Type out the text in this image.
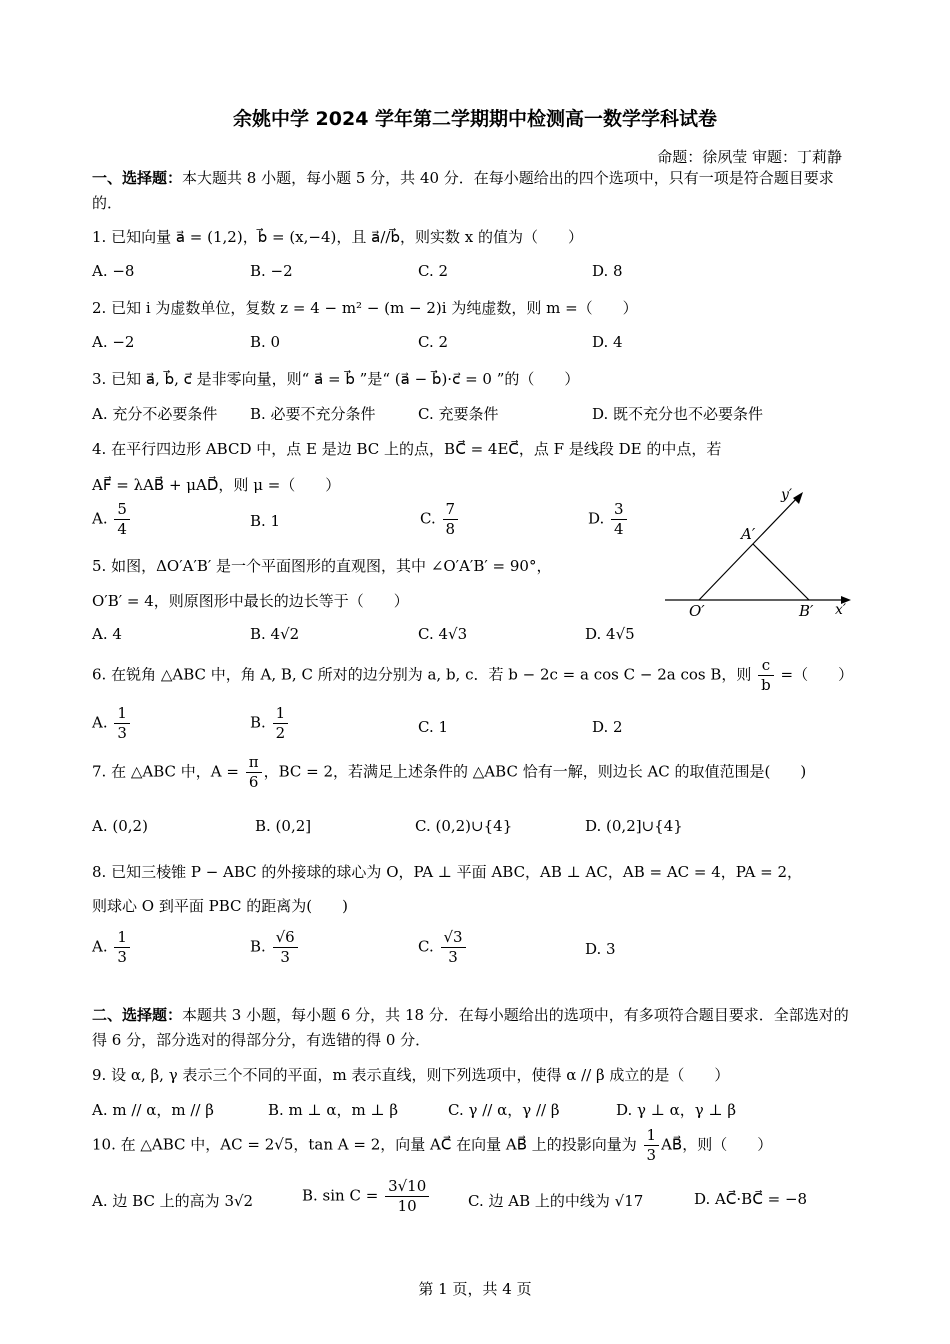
余姚中学 2024 学年第二学期期中检测高一数学学科试卷
命题：徐夙莹 审题：丁莉静
一、选择题：本大题共 8 小题，每小题 5 分，共 40 分．在每小题给出的四个选项中，只有一项是符合题目要求的．
1. 已知向量 a⃗ = (1,2)，b⃗ = (x,−4)，且 a⃗//b⃗，则实数 x 的值为（　　）
A. −8	B. −2	C. 2	D. 8
2. 已知 i 为虚数单位，复数 z = 4 − m² − (m − 2)i 为纯虚数，则 m =（　　）
A. −2	B. 0	C. 2	D. 4
3. 已知 a⃗, b⃗, c⃗ 是非零向量，则“ a⃗ = b⃗ ”是“ (a⃗ − b⃗)·c⃗ = 0 ”的（　　）
A. 充分不必要条件 B. 必要不充分条件	C. 充要条件	D. 既不充分也不必要条件
4. 在平行四边形 ABCD 中，点 E 是边 BC 上的点，BC⃗ = 4EC⃗，点 F 是线段 DE 的中点，若
AF⃗ = λAB⃗ + μAD⃗，则 μ =（　　）
A. $\frac{5}{4}$	B. 1	C. $\frac{7}{8}$	D. $\frac{3}{4}$
y′
x′
O′
A′
B′
5. 如图，ΔO′A′B′ 是一个平面图形的直观图，其中 ∠O′A′B′ = 90°，
O′B′ = 4，则原图形中最长的边长等于（　　）
A. 4	B. 4√2	C. 4√3	D. 4√5
6. 在锐角 △ABC 中，角 A, B, C 所对的边分别为 a, b, c．若 b − 2c = a cos C − 2a cos B，则 $\frac{c}{b}$ =（　　）
A. $\frac{1}{3}$	B. $\frac{1}{2}$	C. 1	D. 2
7. 在 △ABC 中，$A = \frac{\pi}{6}$ ，BC = 2，若满足上述条件的 △ABC 恰有一解，则边长 AC 的取值范围是(　　)
A. (0,2)	B. (0,2]	C. (0,2)∪{4}	D. (0,2]∪{4}
8. 已知三棱锥 P − ABC 的外接球的球心为 O，PA ⊥ 平面 ABC，AB ⊥ AC，AB = AC = 4，PA = 2，
则球心 O 到平面 PBC 的距离为(　　)
A. $\frac{1}{3}$	B. $\frac{√6}{3}$	C. $\frac{√3}{3}$	D. 3
二、选择题：本题共 3 小题，每小题 6 分，共 18 分．在每小题给出的选项中，有多项符合题目要求．全部选对的得 6 分，部分选对的得部分分，有选错的得 0 分．
9. 设 α, β, γ 表示三个不同的平面，m 表示直线，则下列选项中，使得 α // β 成立的是（　　）
A. m // α，m // β	B. m ⊥ α，m ⊥ β	C. γ // α，γ // β	D. γ ⊥ α，γ ⊥ β
10. 在 △ABC 中，AC = 2√5，tan A = 2，向量 AC⃗ 在向量 AB⃗ 上的投影向量为 $\frac{1}{3}$ AB⃗，则（　　）
A. 边 BC 上的高为 3√2	B. $\sin C = \frac{3√10}{10}$	C. 边 AB 上的中线为 √17	D. AC⃗·BC⃗ = −8
第 1 页，共 4 页
